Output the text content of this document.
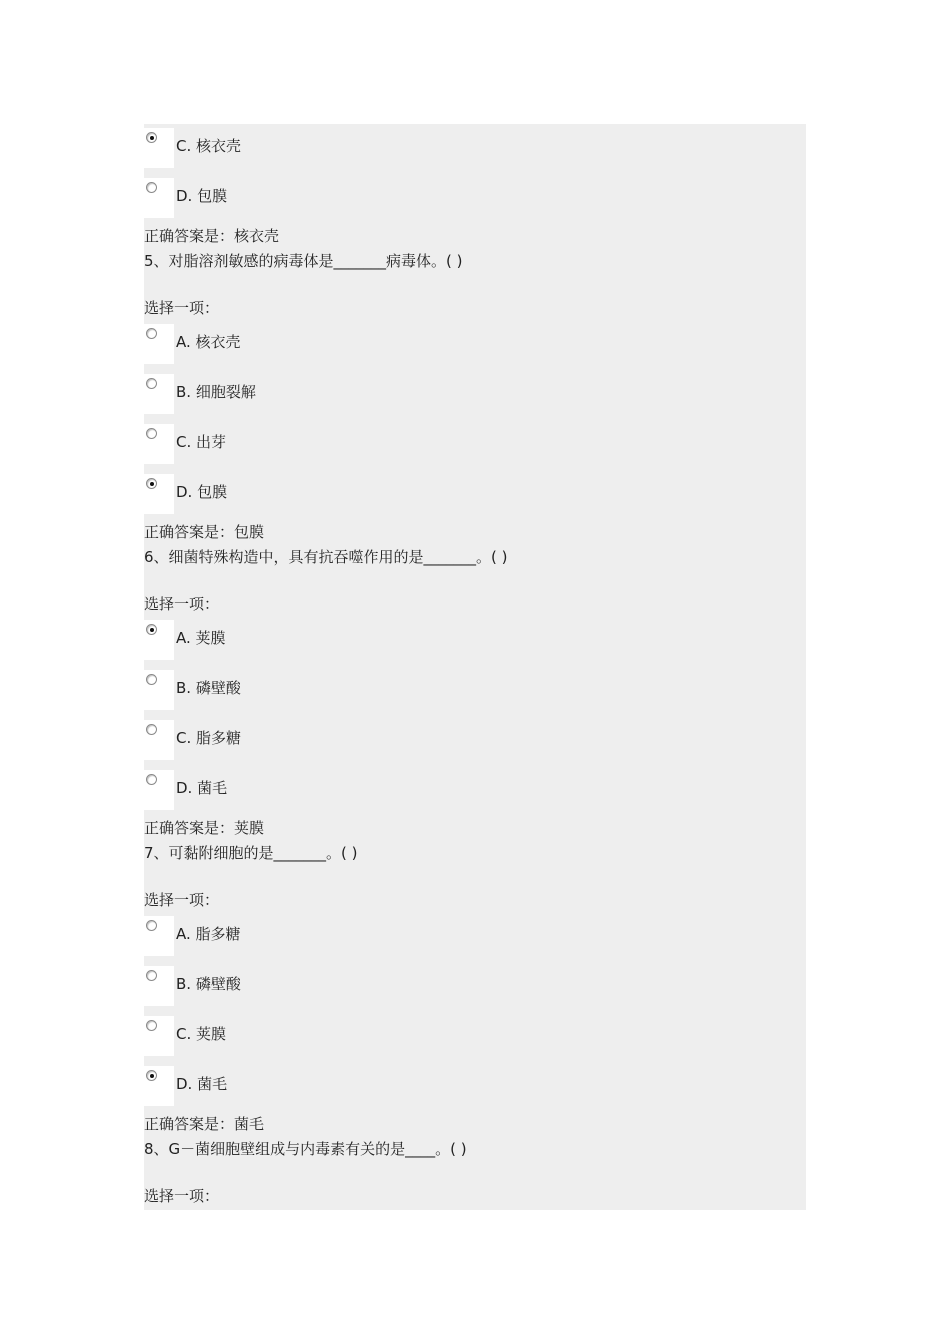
C. 核衣壳
D. 包膜
正确答案是：核衣壳
5、对脂溶剂敏感的病毒体是_______病毒体。( )
选择一项：
A. 核衣壳
B. 细胞裂解
C. 出芽
D. 包膜
正确答案是：包膜
6、细菌特殊构造中，具有抗吞噬作用的是_______。( )
选择一项：
A. 荚膜
B. 磷壁酸
C. 脂多糖
D. 菌毛
正确答案是：荚膜
7、可黏附细胞的是_______。( )
选择一项：
A. 脂多糖
B. 磷壁酸
C. 荚膜
D. 菌毛
正确答案是：菌毛
8、G－菌细胞壁组成与内毒素有关的是____。( )
选择一项：
